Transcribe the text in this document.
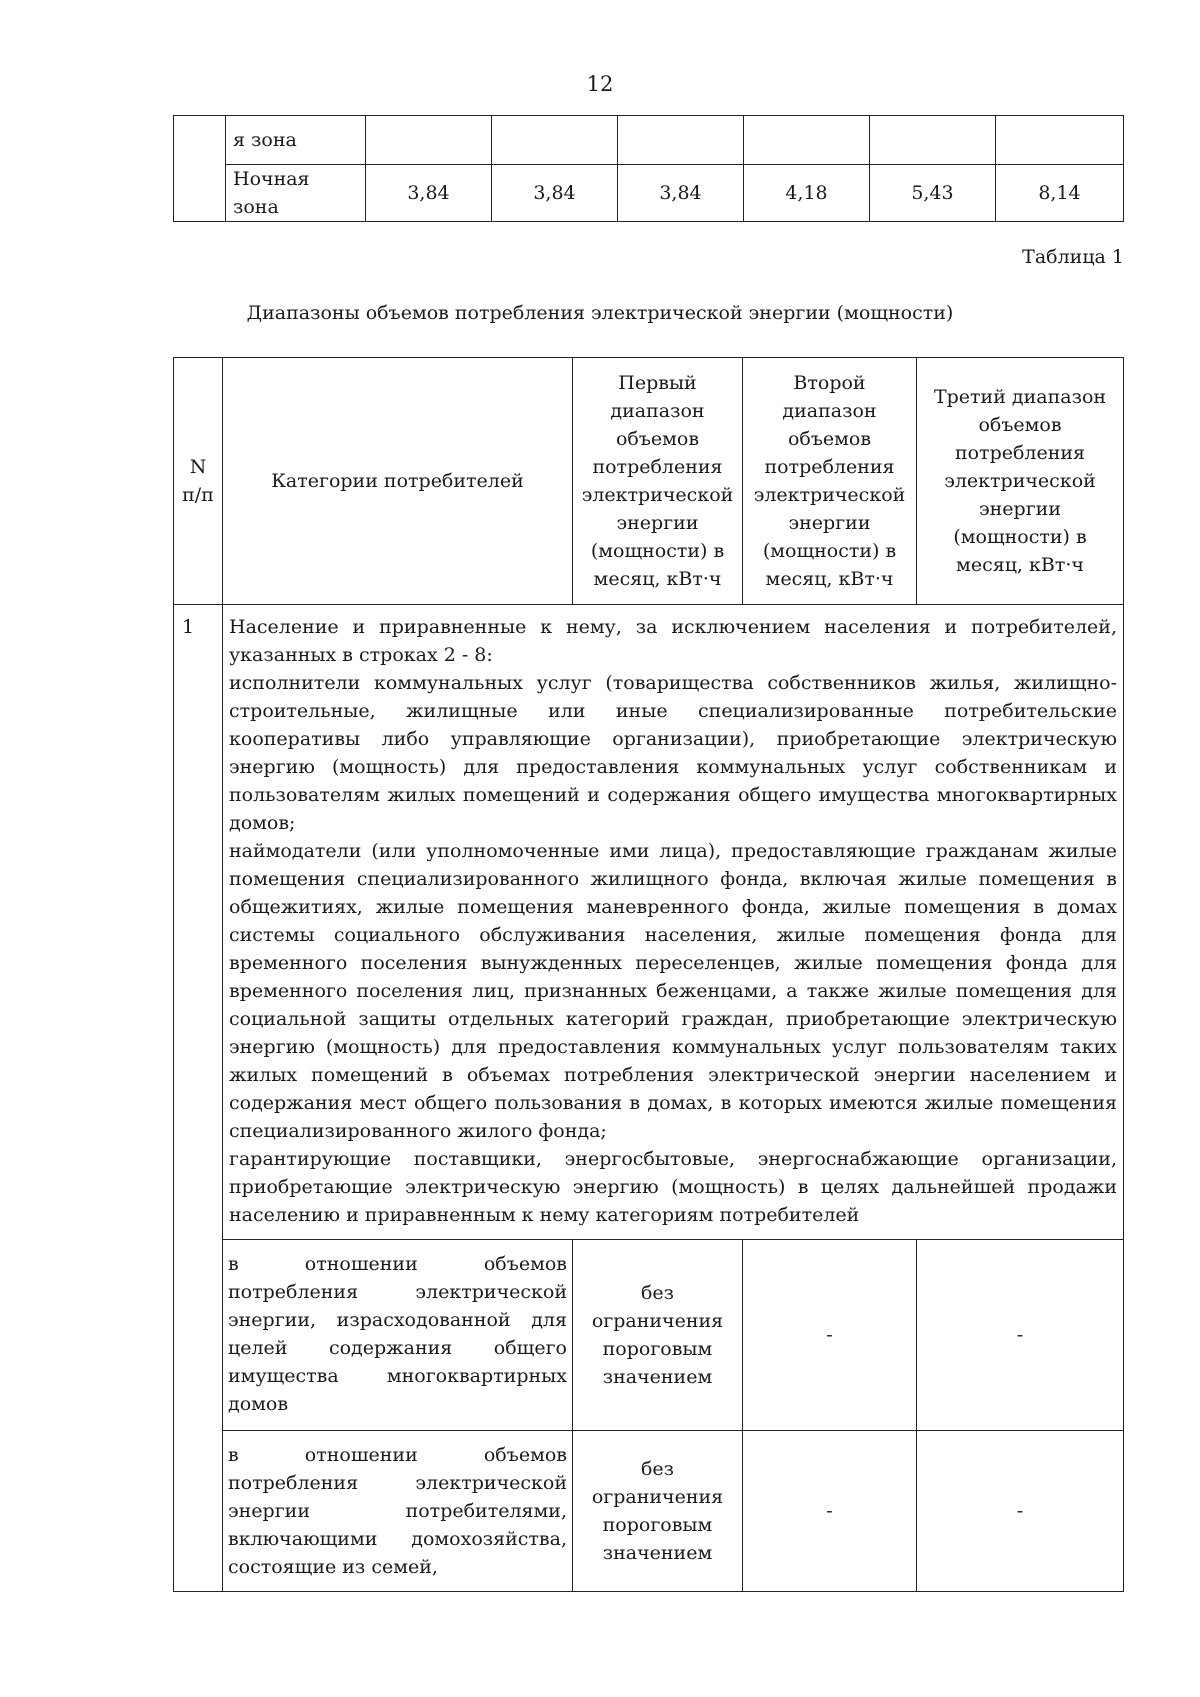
12
	я зона						
	Ночная зона	3,84	3,84	3,84	4,18	5,43	8,14
Таблица 1
Диапазоны объемов потребления электрической энергии (мощности)
N п/п	Категории потребителей	Первый диапазон объемов потребления электрической энергии (мощности) в месяц, кВт·ч	Второй диапазон объемов потребления электрической энергии (мощности) в месяц, кВт·ч	Третий диапазон объемов потребления электрической энергии (мощности) в месяц, кВт·ч
1	Население и приравненные к нему, за исключением населения и потребителей, указанных в строках 2 - 8:

исполнители коммунальных услуг (товарищества собственников жилья, жилищно-строительные, жилищные или иные специализированные потребительские кооперативы либо управляющие организации), приобретающие электрическую энергию (мощность) для предоставления коммунальных услуг собственникам и пользователям жилых помещений и содержания общего имущества многоквартирных домов;

наймодатели (или уполномоченные ими лица), предоставляющие гражданам жилые помещения специализированного жилищного фонда, включая жилые помещения в общежитиях, жилые помещения маневренного фонда, жилые помещения в домах системы социального обслуживания населения, жилые помещения фонда для временного поселения вынужденных переселенцев, жилые помещения фонда для временного поселения лиц, признанных беженцами, а также жилые помещения для социальной защиты отдельных категорий граждан, приобретающие электрическую энергию (мощность) для предоставления коммунальных услуг пользователям таких жилых помещений в объемах потребления электрической энергии населением и содержания мест общего пользования в домах, в которых имеются жилые помещения специализированного жилого фонда;

гарантирующие поставщики, энергосбытовые, энергоснабжающие организации, приобретающие электрическую энергию (мощность) в целях дальнейшей продажи населению и приравненным к нему категориям потребителей			

	в отношении объемов потребления электрической энергии, израсходованной для целей содержания общего имущества многоквартирных домов	без ограничения пороговым значением	-	-
	в отношении объемов потребления электрической энергии потребителями, включающими домохозяйства, состоящие из семей,	без ограничения пороговым значением	-	-
